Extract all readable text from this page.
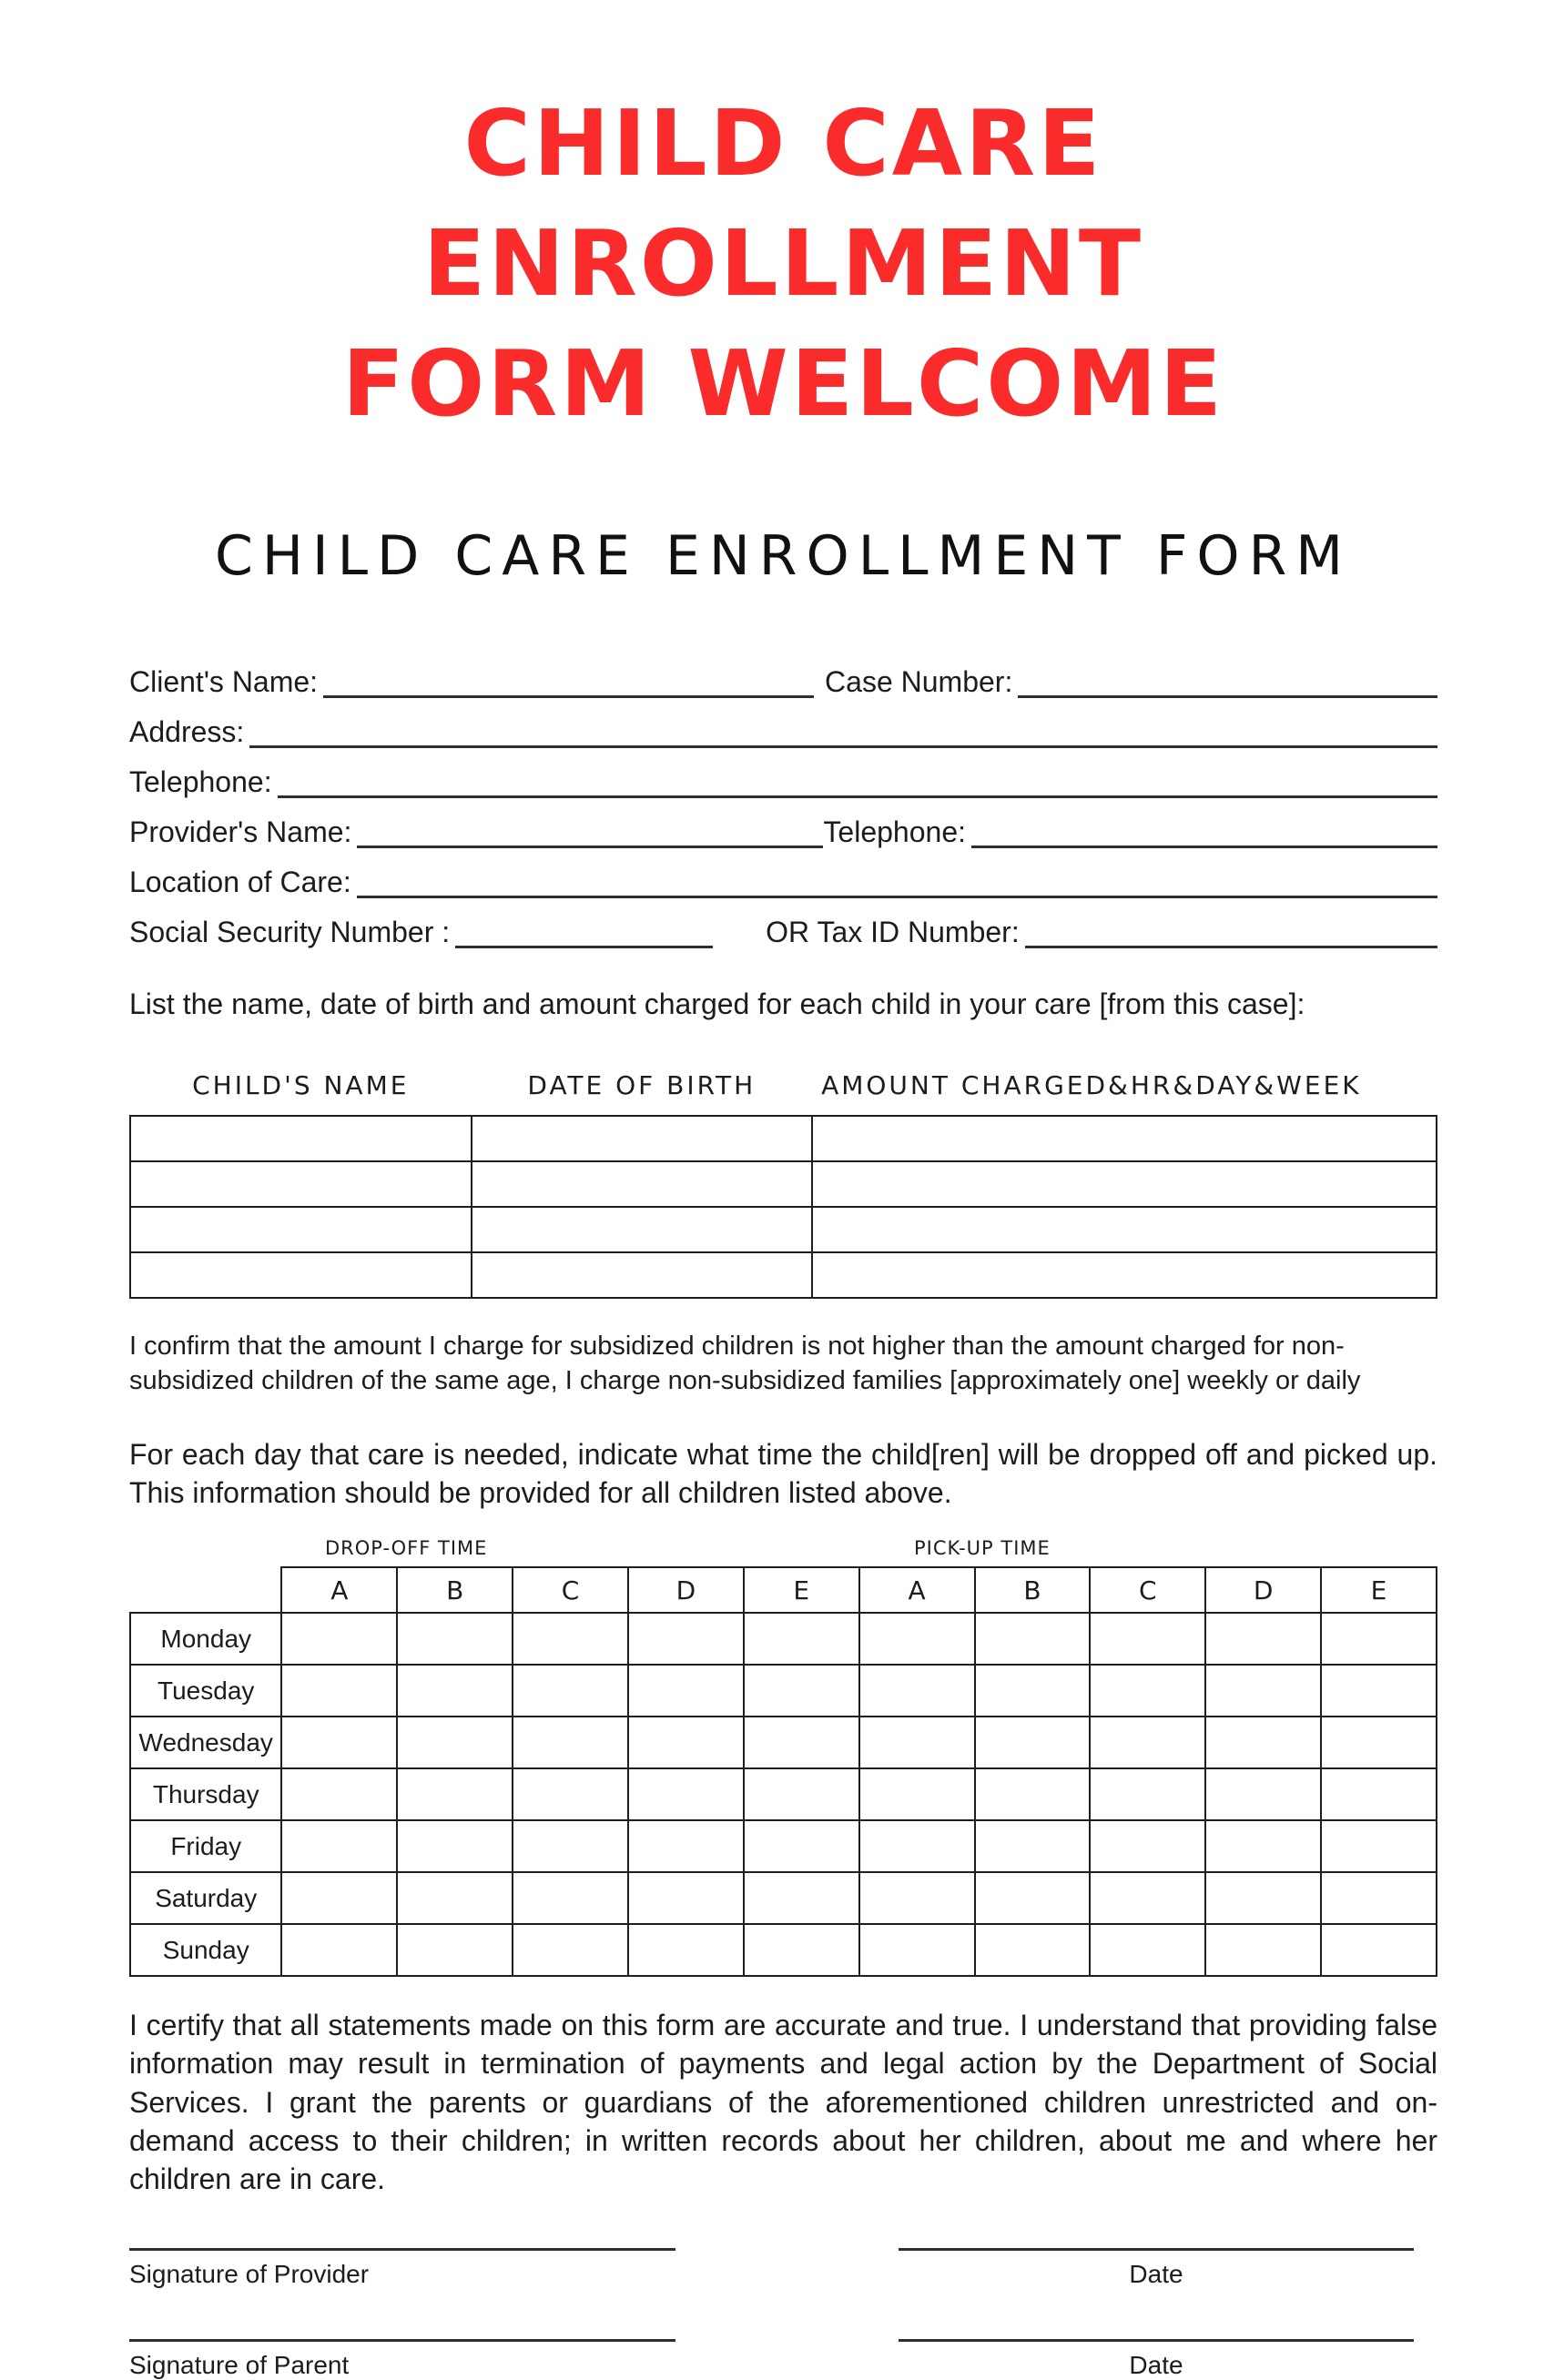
CHILD CARE ENROLLMENT
FORM WELCOME
CHILD CARE ENROLLMENT FORM
Client's Name:	Case Number:
Address:
Telephone:
Provider's Name:	Telephone:
Location of Care:
Social Security Number :	OR Tax ID Number:

List the name, date of birth and amount charged for each child in your care [from this case]:

CHILD'S NAME	DATE OF BIRTH	AMOUNT CHARGED&HR&DAY&WEEK

I confirm that the amount I charge for subsidized children is not higher than the amount charged for non-subsidized children of the same age, I charge non-subsidized families [approximately one] weekly or daily

For each day that care is needed, indicate what time the child[ren] will be dropped off and picked up. This information should be provided for all children listed above.

DROP-OFF TIME	PICK-UP TIME
	A	B	C	D	E	A	B	C	D	E
Monday										
Tuesday										
Wednesday										
Thursday										
Friday										
Saturday										
Sunday										

I certify that all statements made on this form are accurate and true. I understand that providing false information may result in termination of payments and legal action by the Department of Social Services. I grant the parents or guardians of the aforementioned children unrestricted and on-demand access to their children; in written records about her children, about me and where her children are in care.

Signature of Provider	Date
Signature of Parent	Date
